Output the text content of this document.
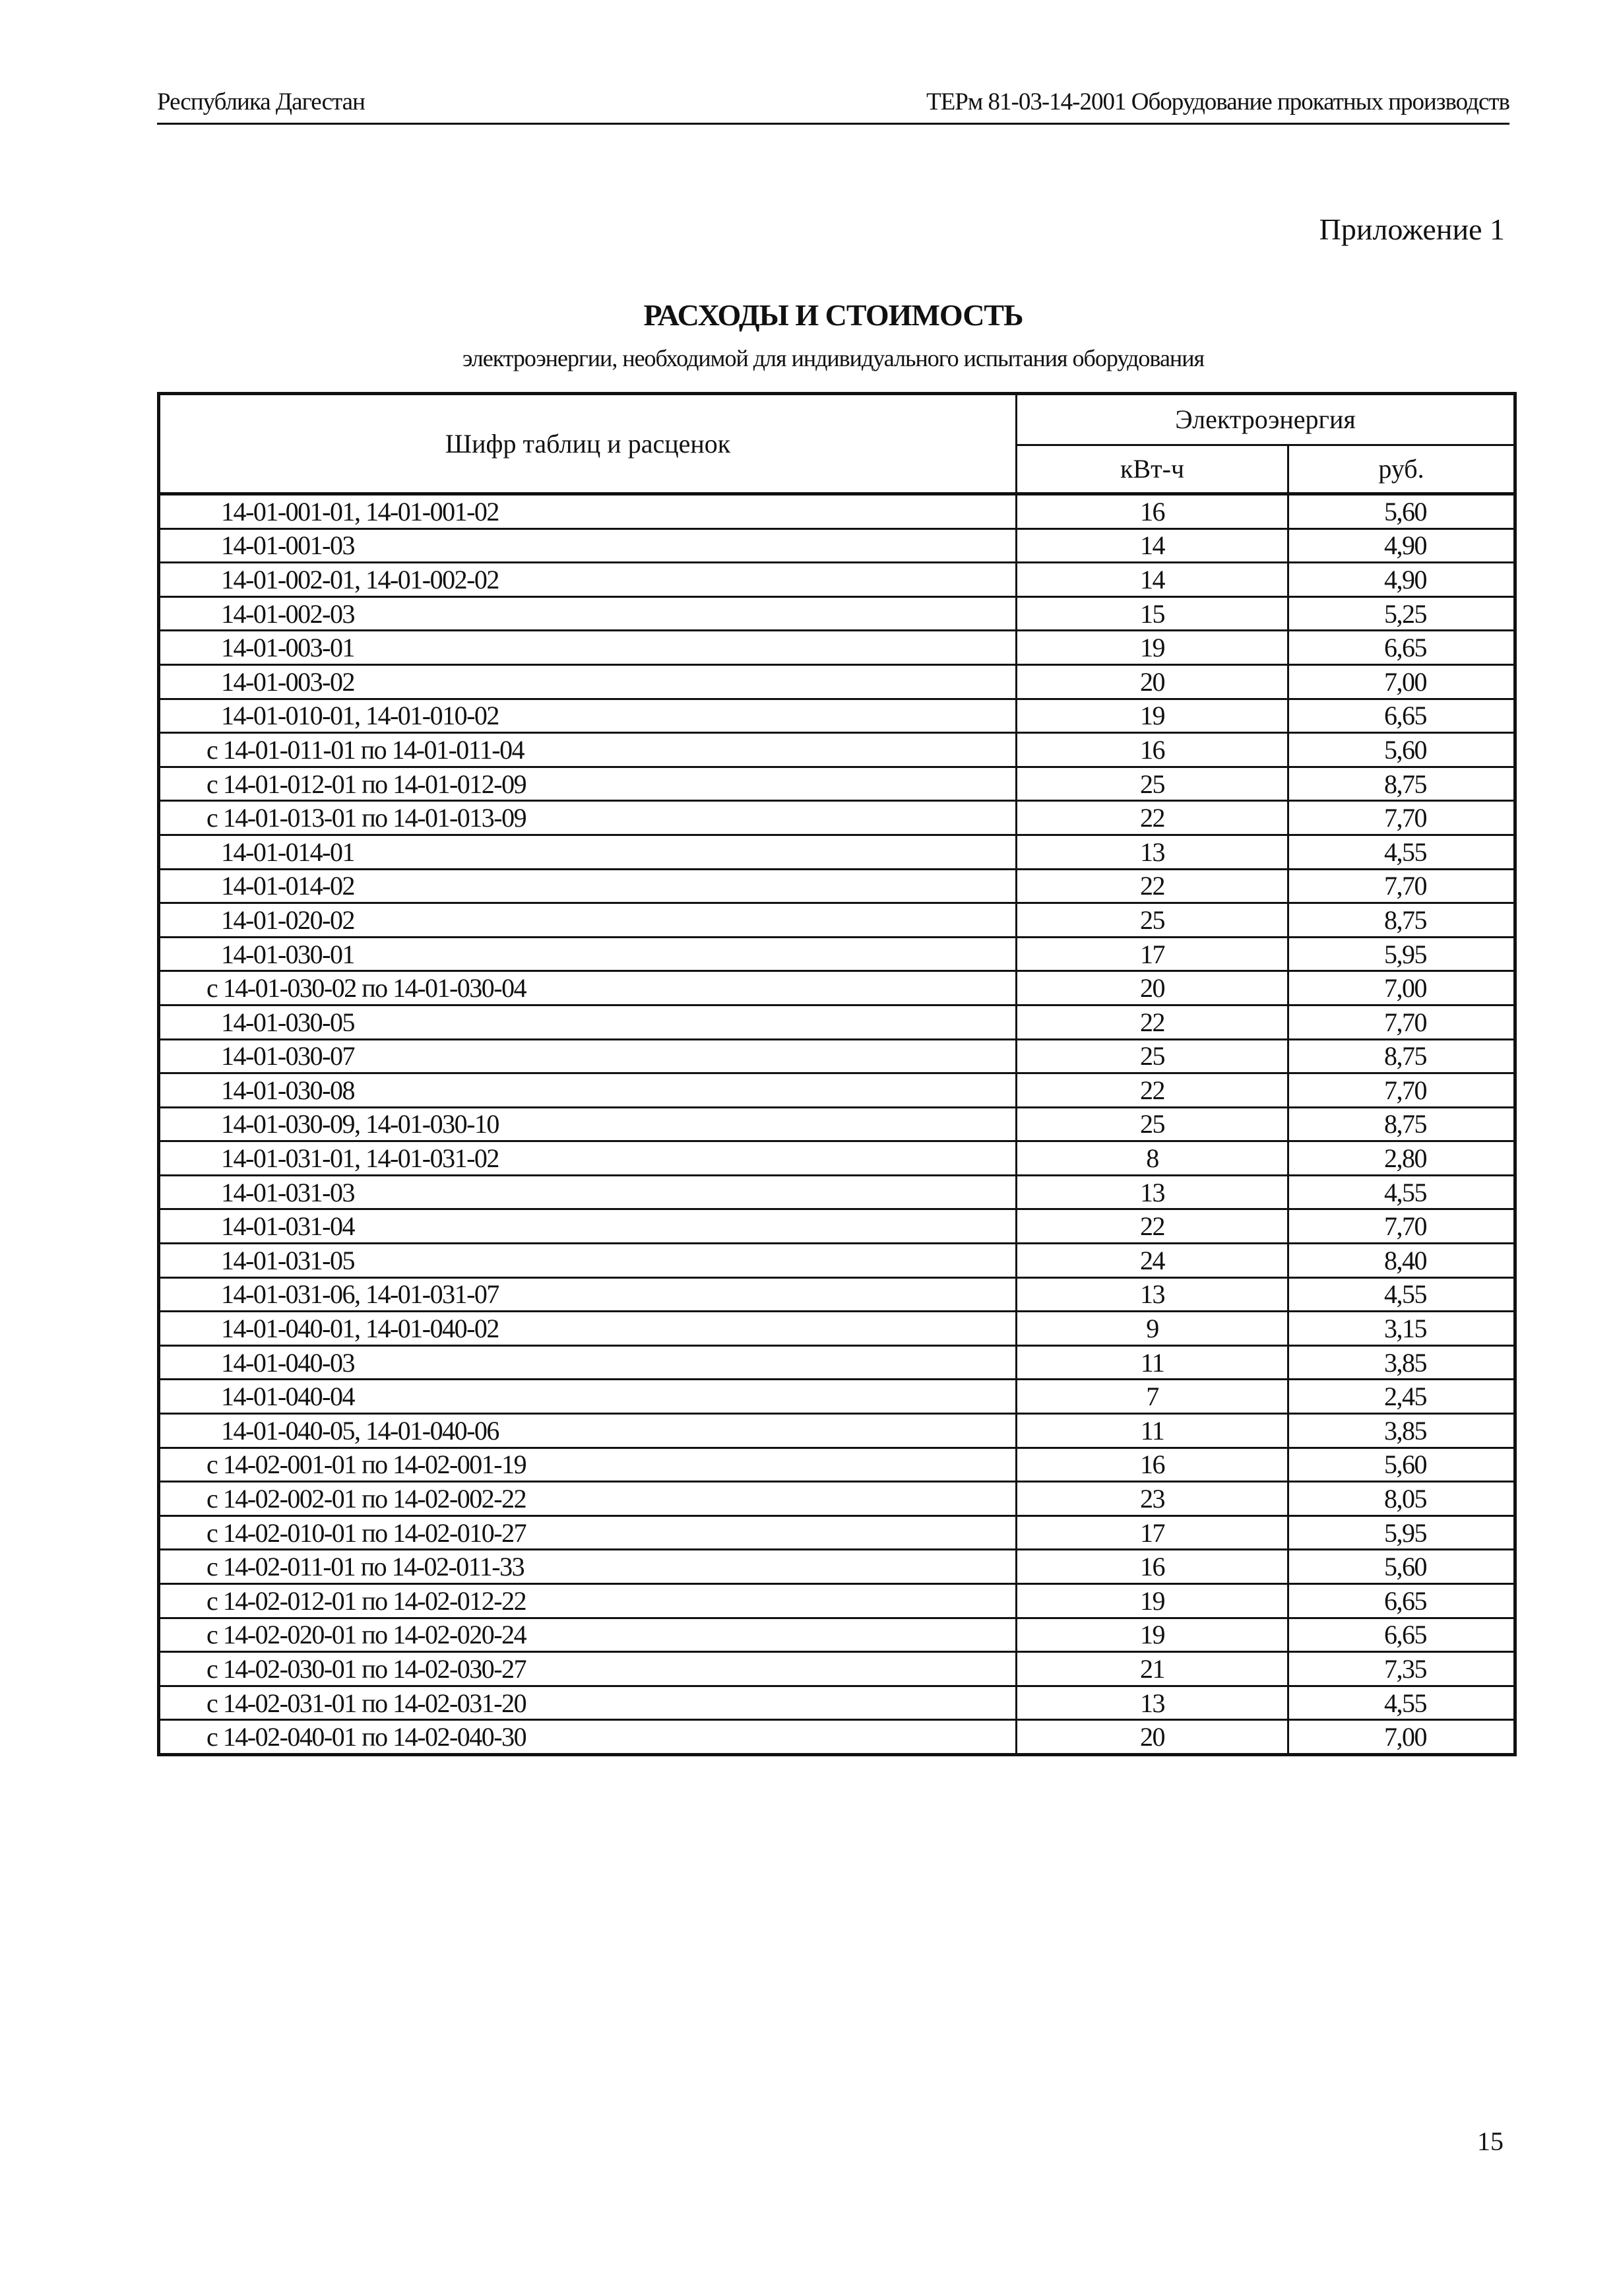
Республика Дагестан	ТЕРм 81-03-14-2001 Оборудование прокатных производств
Приложение 1
РАСХОДЫ И СТОИМОСТЬ
электроэнергии, необходимой для индивидуального испытания оборудования
Шифр таблиц и расценок	Электроэнергия	
	кВт-ч	руб.
14-01-001-01, 14-01-001-02	16	5,60
14-01-001-03	14	4,90
14-01-002-01, 14-01-002-02	14	4,90
14-01-002-03	15	5,25
14-01-003-01	19	6,65
14-01-003-02	20	7,00
14-01-010-01, 14-01-010-02	19	6,65
с 14-01-011-01 по 14-01-011-04	16	5,60
с 14-01-012-01 по 14-01-012-09	25	8,75
с 14-01-013-01 по 14-01-013-09	22	7,70
14-01-014-01	13	4,55
14-01-014-02	22	7,70
14-01-020-02	25	8,75
14-01-030-01	17	5,95
с 14-01-030-02 по 14-01-030-04	20	7,00
14-01-030-05	22	7,70
14-01-030-07	25	8,75
14-01-030-08	22	7,70
14-01-030-09, 14-01-030-10	25	8,75
14-01-031-01, 14-01-031-02	8	2,80
14-01-031-03	13	4,55
14-01-031-04	22	7,70
14-01-031-05	24	8,40
14-01-031-06, 14-01-031-07	13	4,55
14-01-040-01, 14-01-040-02	9	3,15
14-01-040-03	11	3,85
14-01-040-04	7	2,45
14-01-040-05, 14-01-040-06	11	3,85
с 14-02-001-01 по 14-02-001-19	16	5,60
с 14-02-002-01 по 14-02-002-22	23	8,05
с 14-02-010-01 по 14-02-010-27	17	5,95
с 14-02-011-01 по 14-02-011-33	16	5,60
с 14-02-012-01 по 14-02-012-22	19	6,65
с 14-02-020-01 по 14-02-020-24	19	6,65
с 14-02-030-01 по 14-02-030-27	21	7,35
с 14-02-031-01 по 14-02-031-20	13	4,55
с 14-02-040-01 по 14-02-040-30	20	7,00
15
